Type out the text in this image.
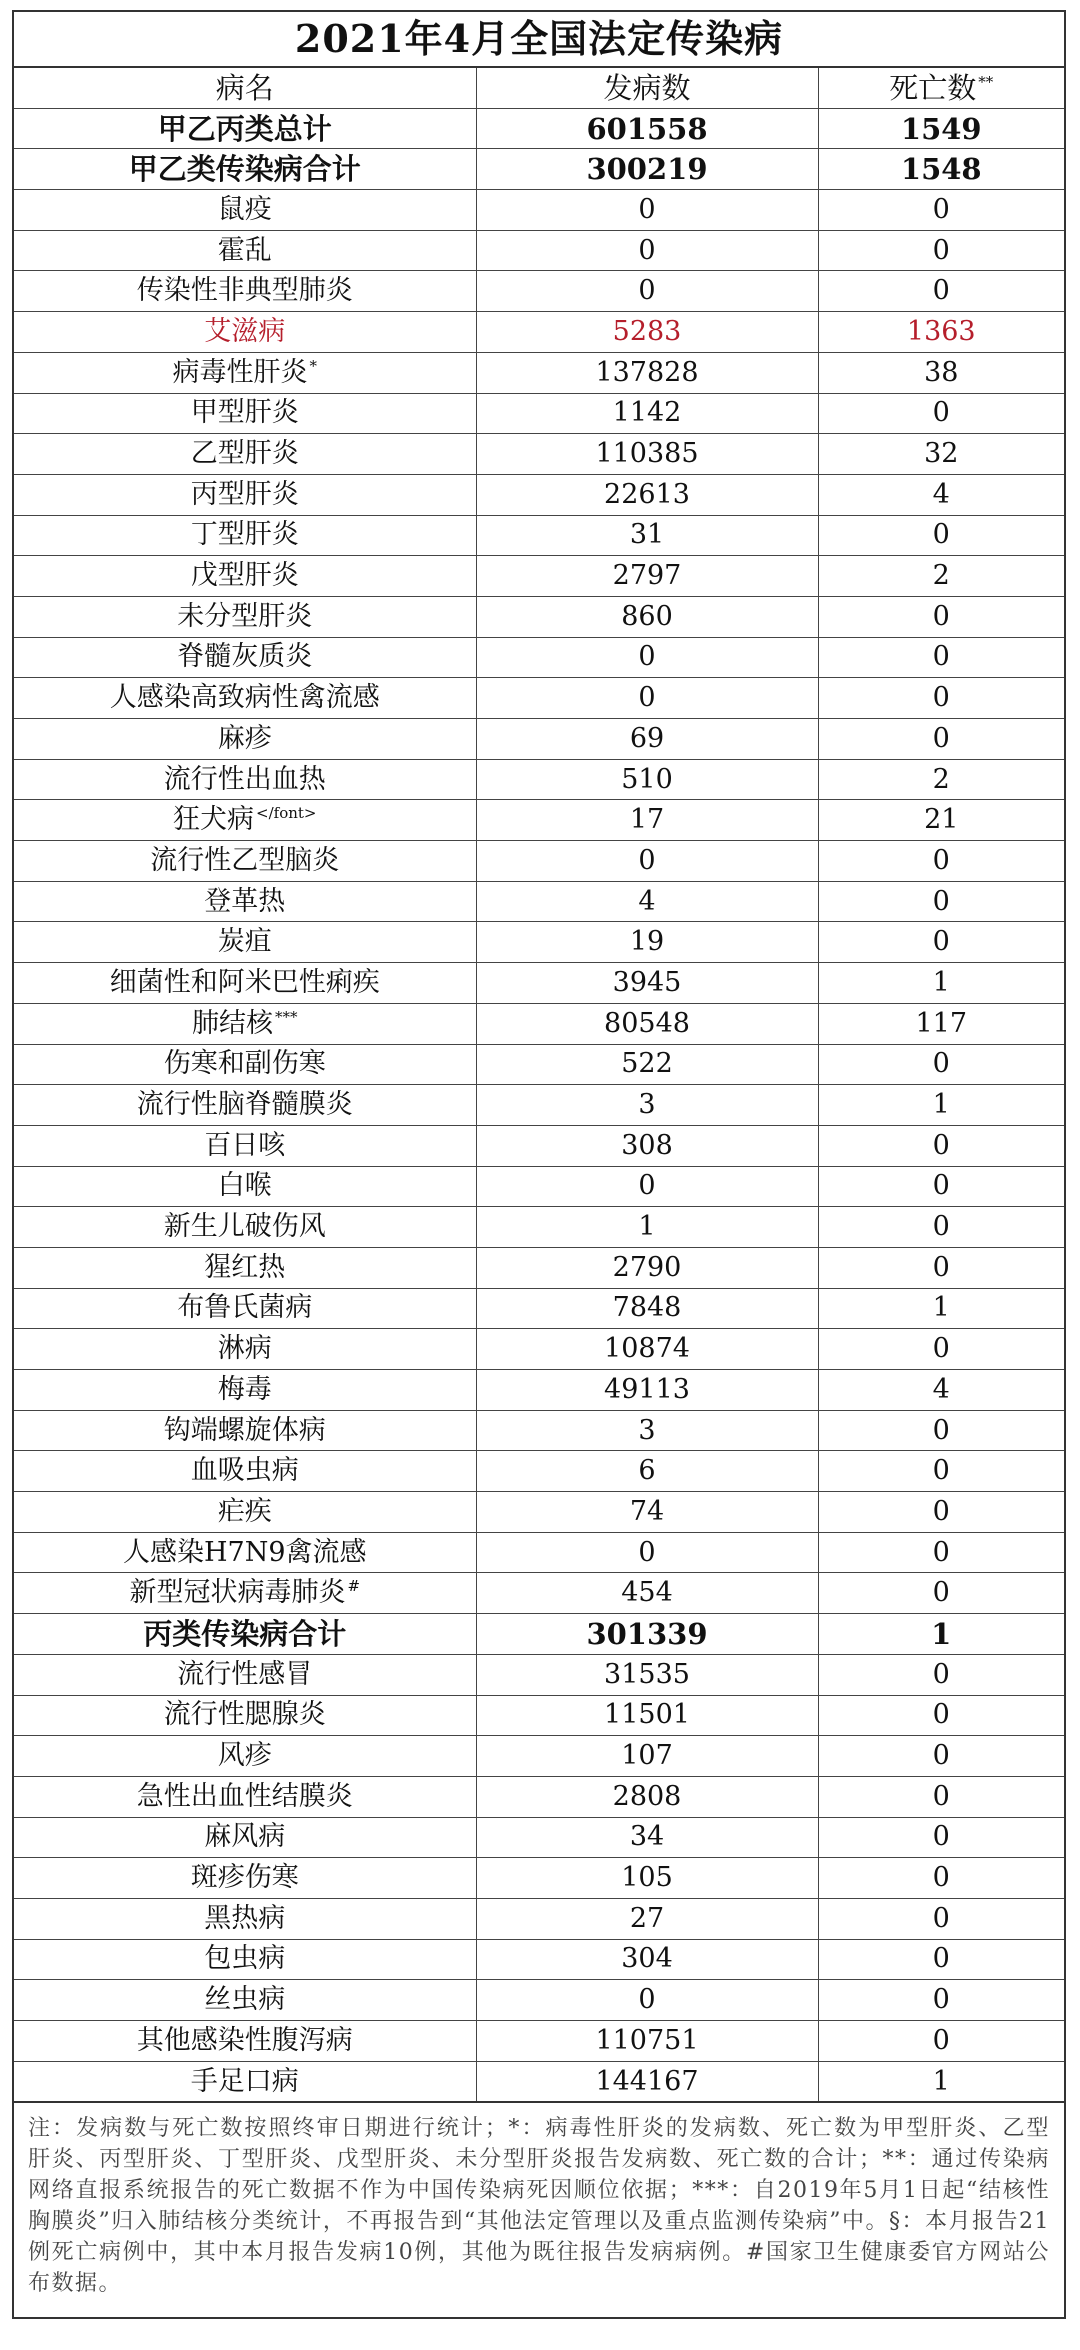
2021年4月全国法定传染病
病名	发病数	死亡数 **
甲乙丙类总计	601558	1549
甲乙类传染病合计	300219	1548
鼠疫	0	0
霍乱	0	0
传染性非典型肺炎	0	0
艾滋病	5283	1363
病毒性肝炎 *	137828	38
甲型肝炎	1142	0
乙型肝炎	110385	32
丙型肝炎	22613	4
丁型肝炎	31	0
戊型肝炎	2797	2
未分型肝炎	860	0
脊髓灰质炎	0	0
人感染高致病性禽流感	0	0
麻疹	69	0
流行性出血热	510	2
狂犬病 $^{</font>}$	17	21
流行性乙型脑炎	0	0
登革热	4	0
炭疽	19	0
细菌性和阿米巴性痢疾	3945	1
肺结核 ***	80548	117
伤寒和副伤寒	522	0
流行性脑脊髓膜炎	3	1
百日咳	308	0
白喉	0	0
新生儿破伤风	1	0
猩红热	2790	0
布鲁氏菌病	7848	1
淋病	10874	0
梅毒	49113	4
钩端螺旋体病	3	0
血吸虫病	6	0
疟疾	74	0
人感染H7N9禽流感	0	0
新型冠状病毒肺炎 #	454	0
丙类传染病合计	301339	1
流行性感冒	31535	0
流行性腮腺炎	11501	0
风疹	107	0
急性出血性结膜炎	2808	0
麻风病	34	0
斑疹伤寒	105	0
黑热病	27	0
包虫病	304	0
丝虫病	0	0
其他感染性腹泻病	110751	0
手足口病	144167	1
注：发病数与死亡数按照终审日期进行统计；*：病毒性肝炎的发病数、死亡数为甲型肝炎、乙型肝炎、丙型肝炎、丁型肝炎、戊型肝炎、未分型肝炎报告发病数、死亡数的合计；**：通过传染病网络直报系统报告的死亡数据不作为中国传染病死因顺位依据；***：自2019年5月1日起“结核性胸膜炎”归入肺结核分类统计，不再报告到“其他法定管理以及重点监测传染病”中。§：本月报告21例死亡病例中，其中本月报告发病10例，其他为既往报告发病病例。#国家卫生健康委官方网站公布数据。
